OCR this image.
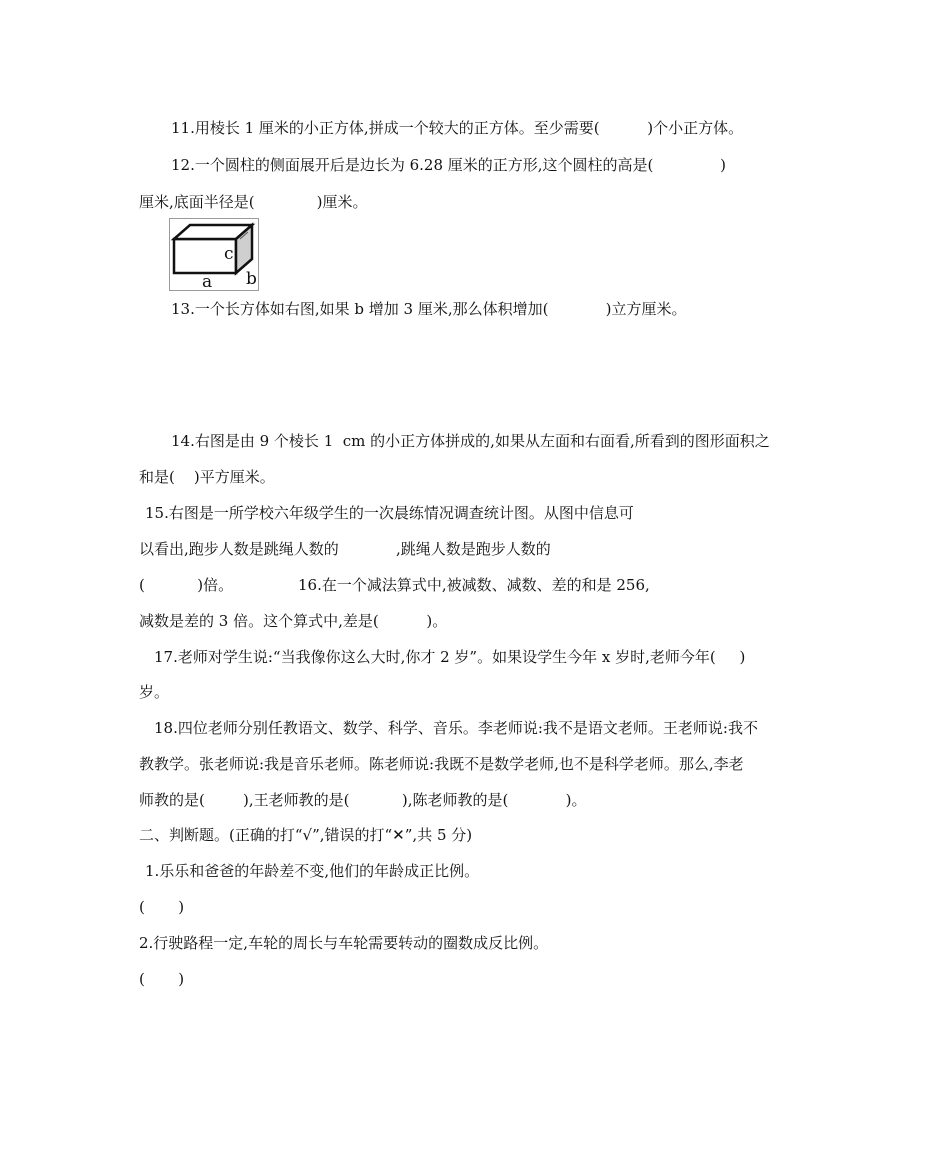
11.用棱长 1 厘米的小正方体,拼成一个较大的正方体。至少需要(          )个小正方体。
12.一个圆柱的侧面展开后是边长为 6.28 厘米的正方形,这个圆柱的高是(              )
厘米,底面半径是(             )厘米。
c
a b
13.一个长方体如右图,如果 b 增加 3 厘米,那么体积增加(            )立方厘米。
14.右图是由 9 个棱长 1  cm 的小正方体拼成的,如果从左面和右面看,所看到的图形面积之
和是(    )平方厘米。
15.右图是一所学校六年级学生的一次晨练情况调查统计图。从图中信息可
以看出,跑步人数是跳绳人数的            ,跳绳人数是跑步人数的
(           )倍。	16.在一个减法算式中,被减数、减数、差的和是 256,
减数是差的 3 倍。这个算式中,差是(          )。
17.老师对学生说:“当我像你这么大时,你才 2 岁”。如果设学生今年 x 岁时,老师今年(     )
岁。
18.四位老师分别任教语文、数学、科学、音乐。李老师说:我不是语文老师。王老师说:我不
教教学。张老师说:我是音乐老师。陈老师说:我既不是数学老师,也不是科学老师。那么,李老
师教的是(        ),王老师教的是(           ),陈老师教的是(            )。
二、判断题。(正确的打“√”,错误的打“✕”,共 5 分)
1.乐乐和爸爸的年龄差不变,他们的年龄成正比例。
(       )
2.行驶路程一定,车轮的周长与车轮需要转动的圈数成反比例。
(       )
